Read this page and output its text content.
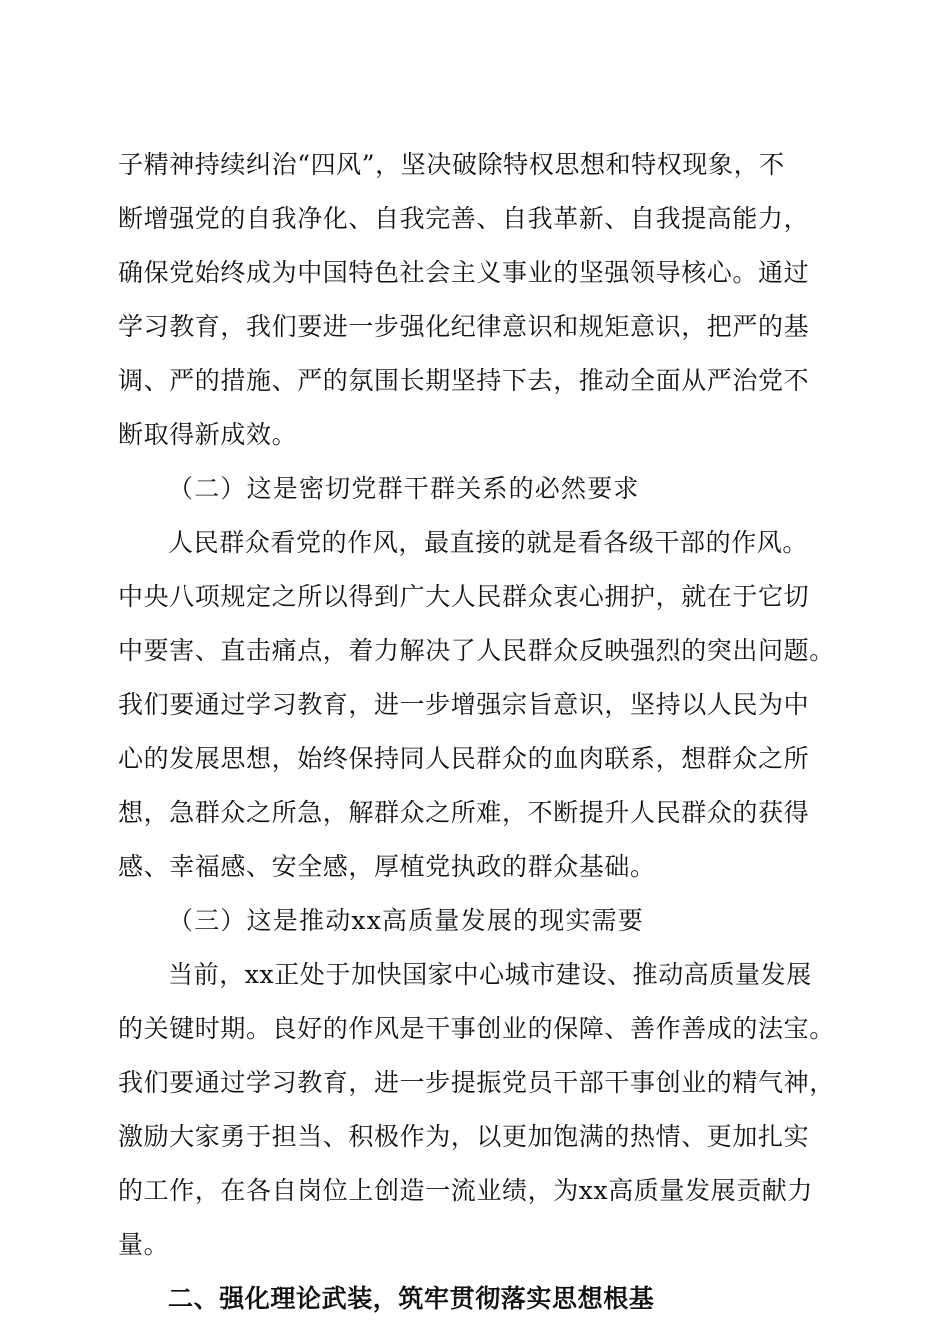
子精神持续纠治“四风”，坚决破除特权思想和特权现象，不
断增强党的自我净化、自我完善、自我革新、自我提高能力，
确保党始终成为中国特色社会主义事业的坚强领导核心。通过
学习教育，我们要进一步强化纪律意识和规矩意识，把严的基
调、严的措施、严的氛围长期坚持下去，推动全面从严治党不
断取得新成效。
（二）这是密切党群干群关系的必然要求
人民群众看党的作风，最直接的就是看各级干部的作风。
中央八项规定之所以得到广大人民群众衷心拥护，就在于它切
中要害、直击痛点，着力解决了人民群众反映强烈的突出问题。
我们要通过学习教育，进一步增强宗旨意识，坚持以人民为中
心的发展思想，始终保持同人民群众的血肉联系，想群众之所
想，急群众之所急，解群众之所难，不断提升人民群众的获得
感、幸福感、安全感，厚植党执政的群众基础。
（三）这是推动xx高质量发展的现实需要
当前，xx正处于加快国家中心城市建设、推动高质量发展
的关键时期。良好的作风是干事创业的保障、善作善成的法宝。
我们要通过学习教育，进一步提振党员干部干事创业的精气神，
激励大家勇于担当、积极作为，以更加饱满的热情、更加扎实
的工作，在各自岗位上创造一流业绩，为xx高质量发展贡献力
量。
二、强化理论武装，筑牢贯彻落实思想根基
